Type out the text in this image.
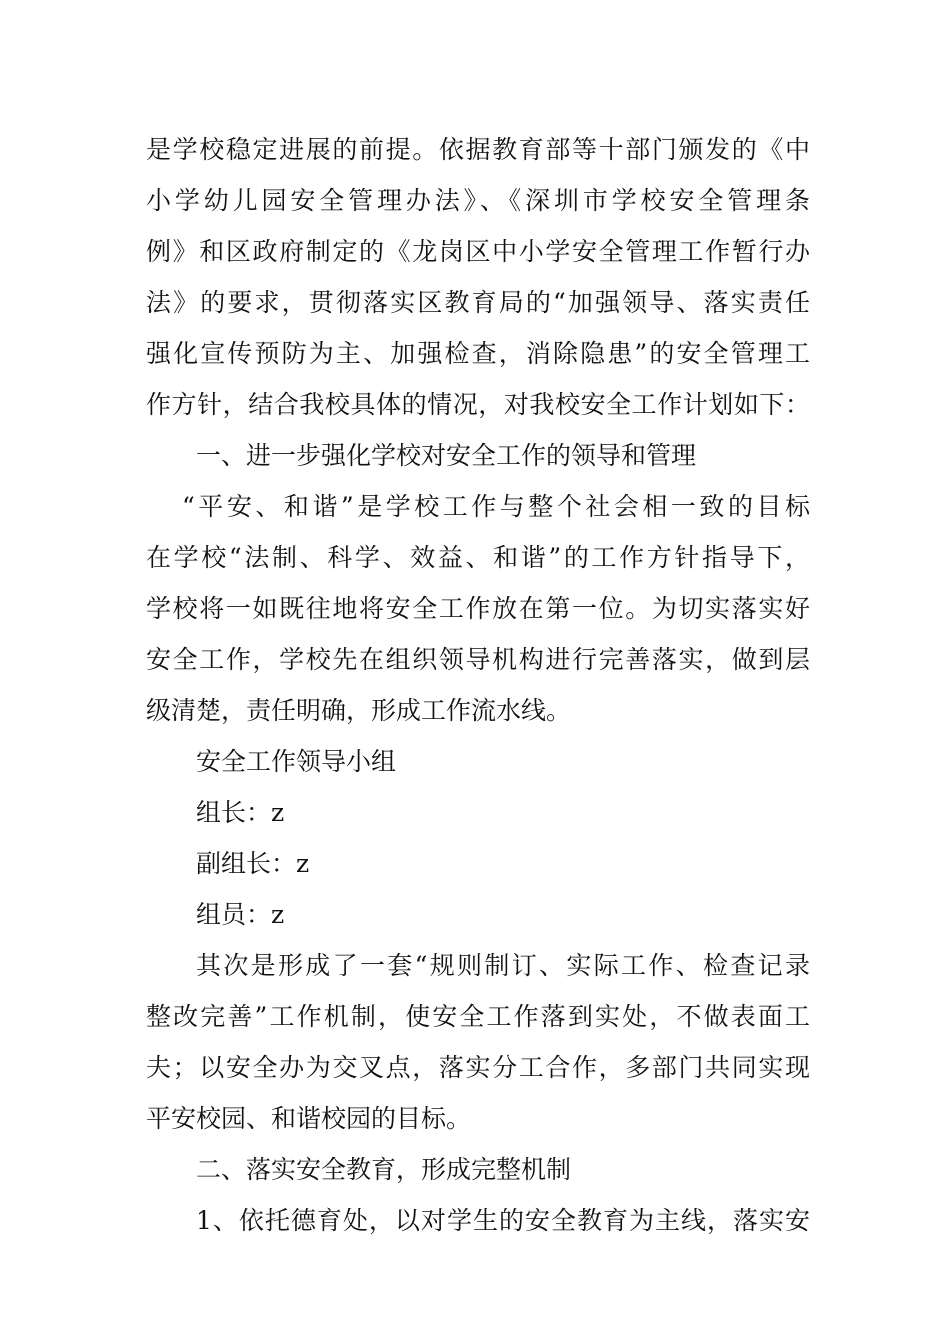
是学校稳定进展的前提。依据教育部等十部门颁发的《中
小学幼儿园安全管理办法》、《深圳市学校安全管理条
例》和区政府制定的《龙岗区中小学安全管理工作暂行办
法》的要求，贯彻落实区教育局的“加强领导、落实责任
强化宣传预防为主、加强检查，消除隐患”的安全管理工
作方针，结合我校具体的情况，对我校安全工作计划如下：
一、进一步强化学校对安全工作的领导和管理
“平安、和谐”是学校工作与整个社会相一致的目标
在学校“法制、科学、效益、和谐”的工作方针指导下，
学校将一如既往地将安全工作放在第一位。为切实落实好
安全工作，学校先在组织领导机构进行完善落实，做到层
级清楚，责任明确，形成工作流水线。
安全工作领导小组
组长：z
副组长：z
组员：z
其次是形成了一套“规则制订、实际工作、检查记录
整改完善”工作机制，使安全工作落到实处，不做表面工
夫；以安全办为交叉点，落实分工合作，多部门共同实现
平安校园、和谐校园的目标。
二、落实安全教育，形成完整机制
1、依托德育处，以对学生的安全教育为主线，落实安
